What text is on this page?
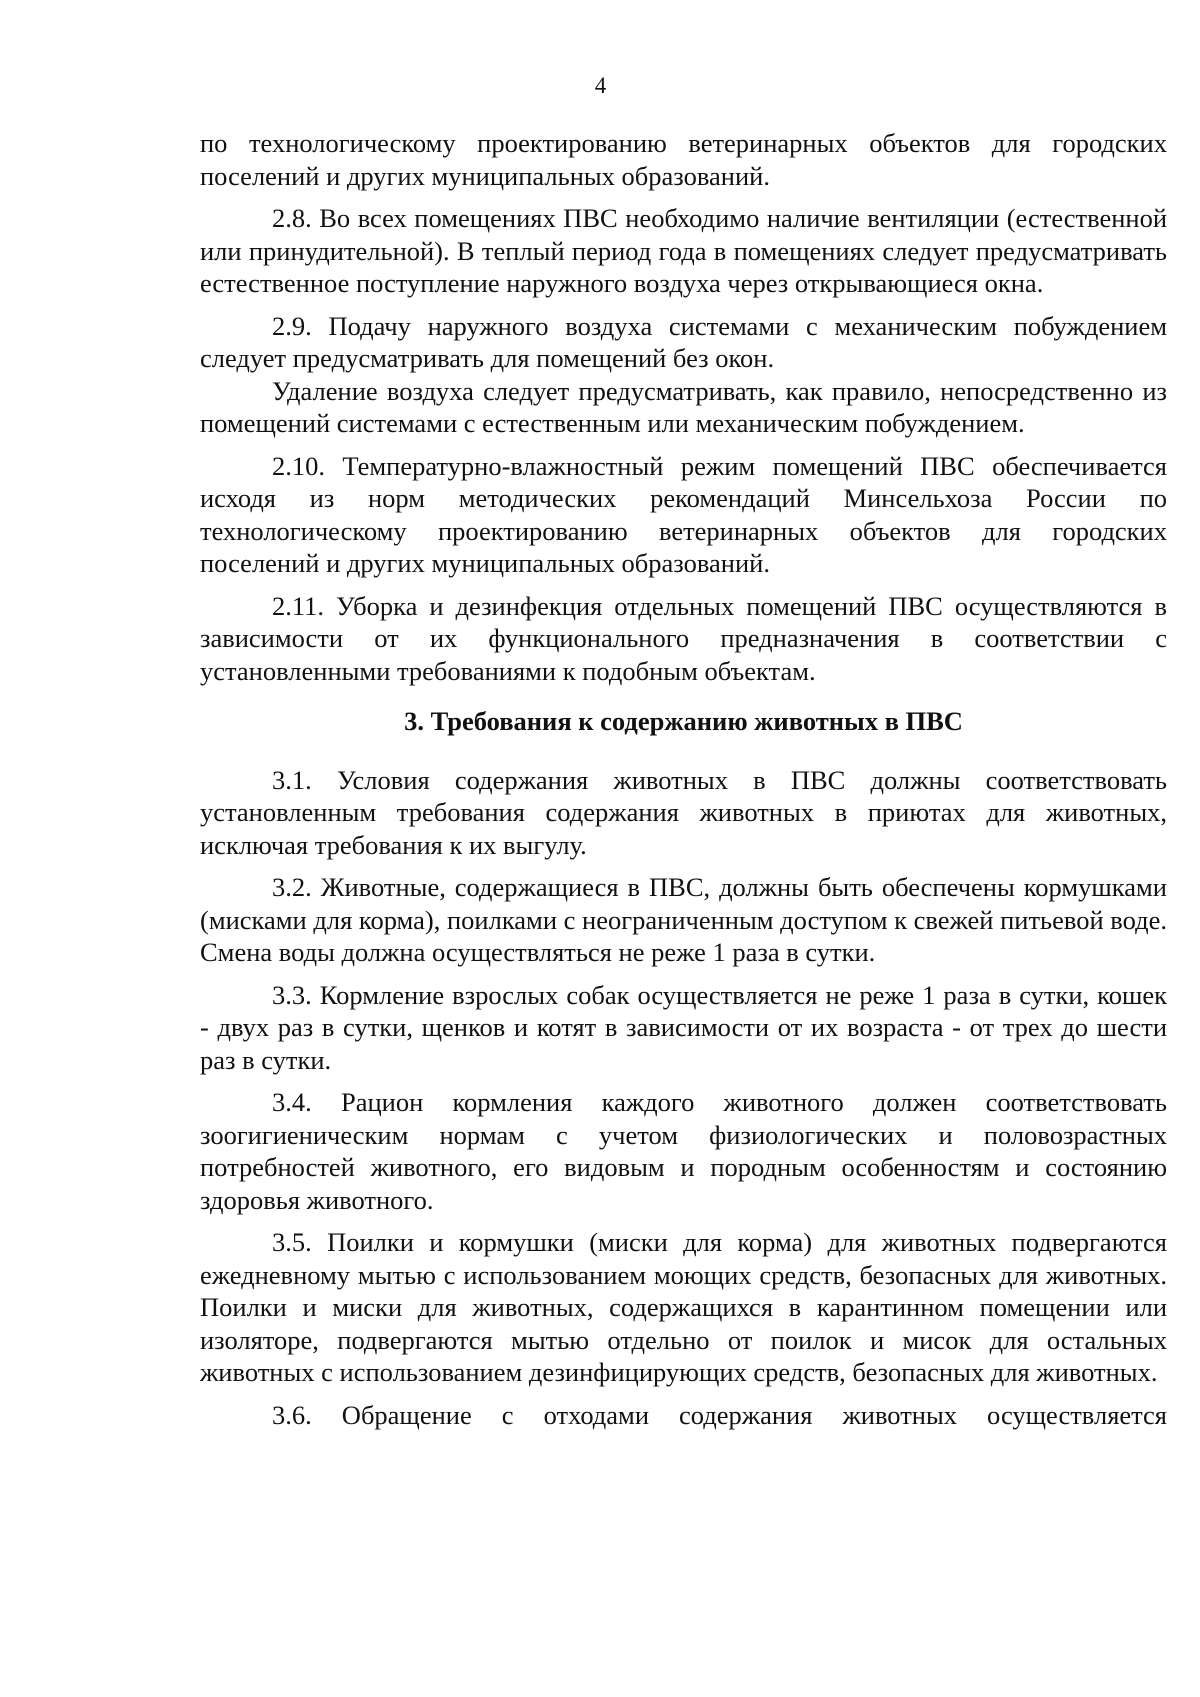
4

по технологическому проектированию ветеринарных объектов для городских поселений и других муниципальных образований.

2.8. Во всех помещениях ПВС необходимо наличие вентиляции (естественной или принудительной). В теплый период года в помещениях следует предусматривать естественное поступление наружного воздуха через открывающиеся окна.

2.9. Подачу наружного воздуха системами с механическим побуждением следует предусматривать для помещений без окон.

Удаление воздуха следует предусматривать, как правило, непосредственно из помещений системами с естественным или механическим побуждением.

2.10. Температурно-влажностный режим помещений ПВС обеспечивается исходя из норм методических рекомендаций Минсельхоза России по технологическому проектированию ветеринарных объектов для городских поселений и других муниципальных образований.

2.11. Уборка и дезинфекция отдельных помещений ПВС осуществляются в зависимости от их функционального предназначения в соответствии с установленными требованиями к подобным объектам.

3. Требования к содержанию животных в ПВС

3.1. Условия содержания животных в ПВС должны соответствовать установленным требования содержания животных в приютах для животных, исключая требования к их выгулу.

3.2. Животные, содержащиеся в ПВС, должны быть обеспечены кормушками (мисками для корма), поилками с неограниченным доступом к свежей питьевой воде. Смена воды должна осуществляться не реже 1 раза в сутки.

3.3. Кормление взрослых собак осуществляется не реже 1 раза в сутки, кошек - двух раз в сутки, щенков и котят в зависимости от их возраста - от трех до шести раз в сутки.

3.4. Рацион кормления каждого животного должен соответствовать зоогигиеническим нормам с учетом физиологических и половозрастных потребностей животного, его видовым и породным особенностям и состоянию здоровья животного.

3.5. Поилки и кормушки (миски для корма) для животных подвергаются ежедневному мытью с использованием моющих средств, безопасных для животных. Поилки и миски для животных, содержащихся в карантинном помещении или изоляторе, подвергаются мытью отдельно от поилок и мисок для остальных животных с использованием дезинфицирующих средств, безопасных для животных.

3.6. Обращение с отходами содержания животных осуществляется
